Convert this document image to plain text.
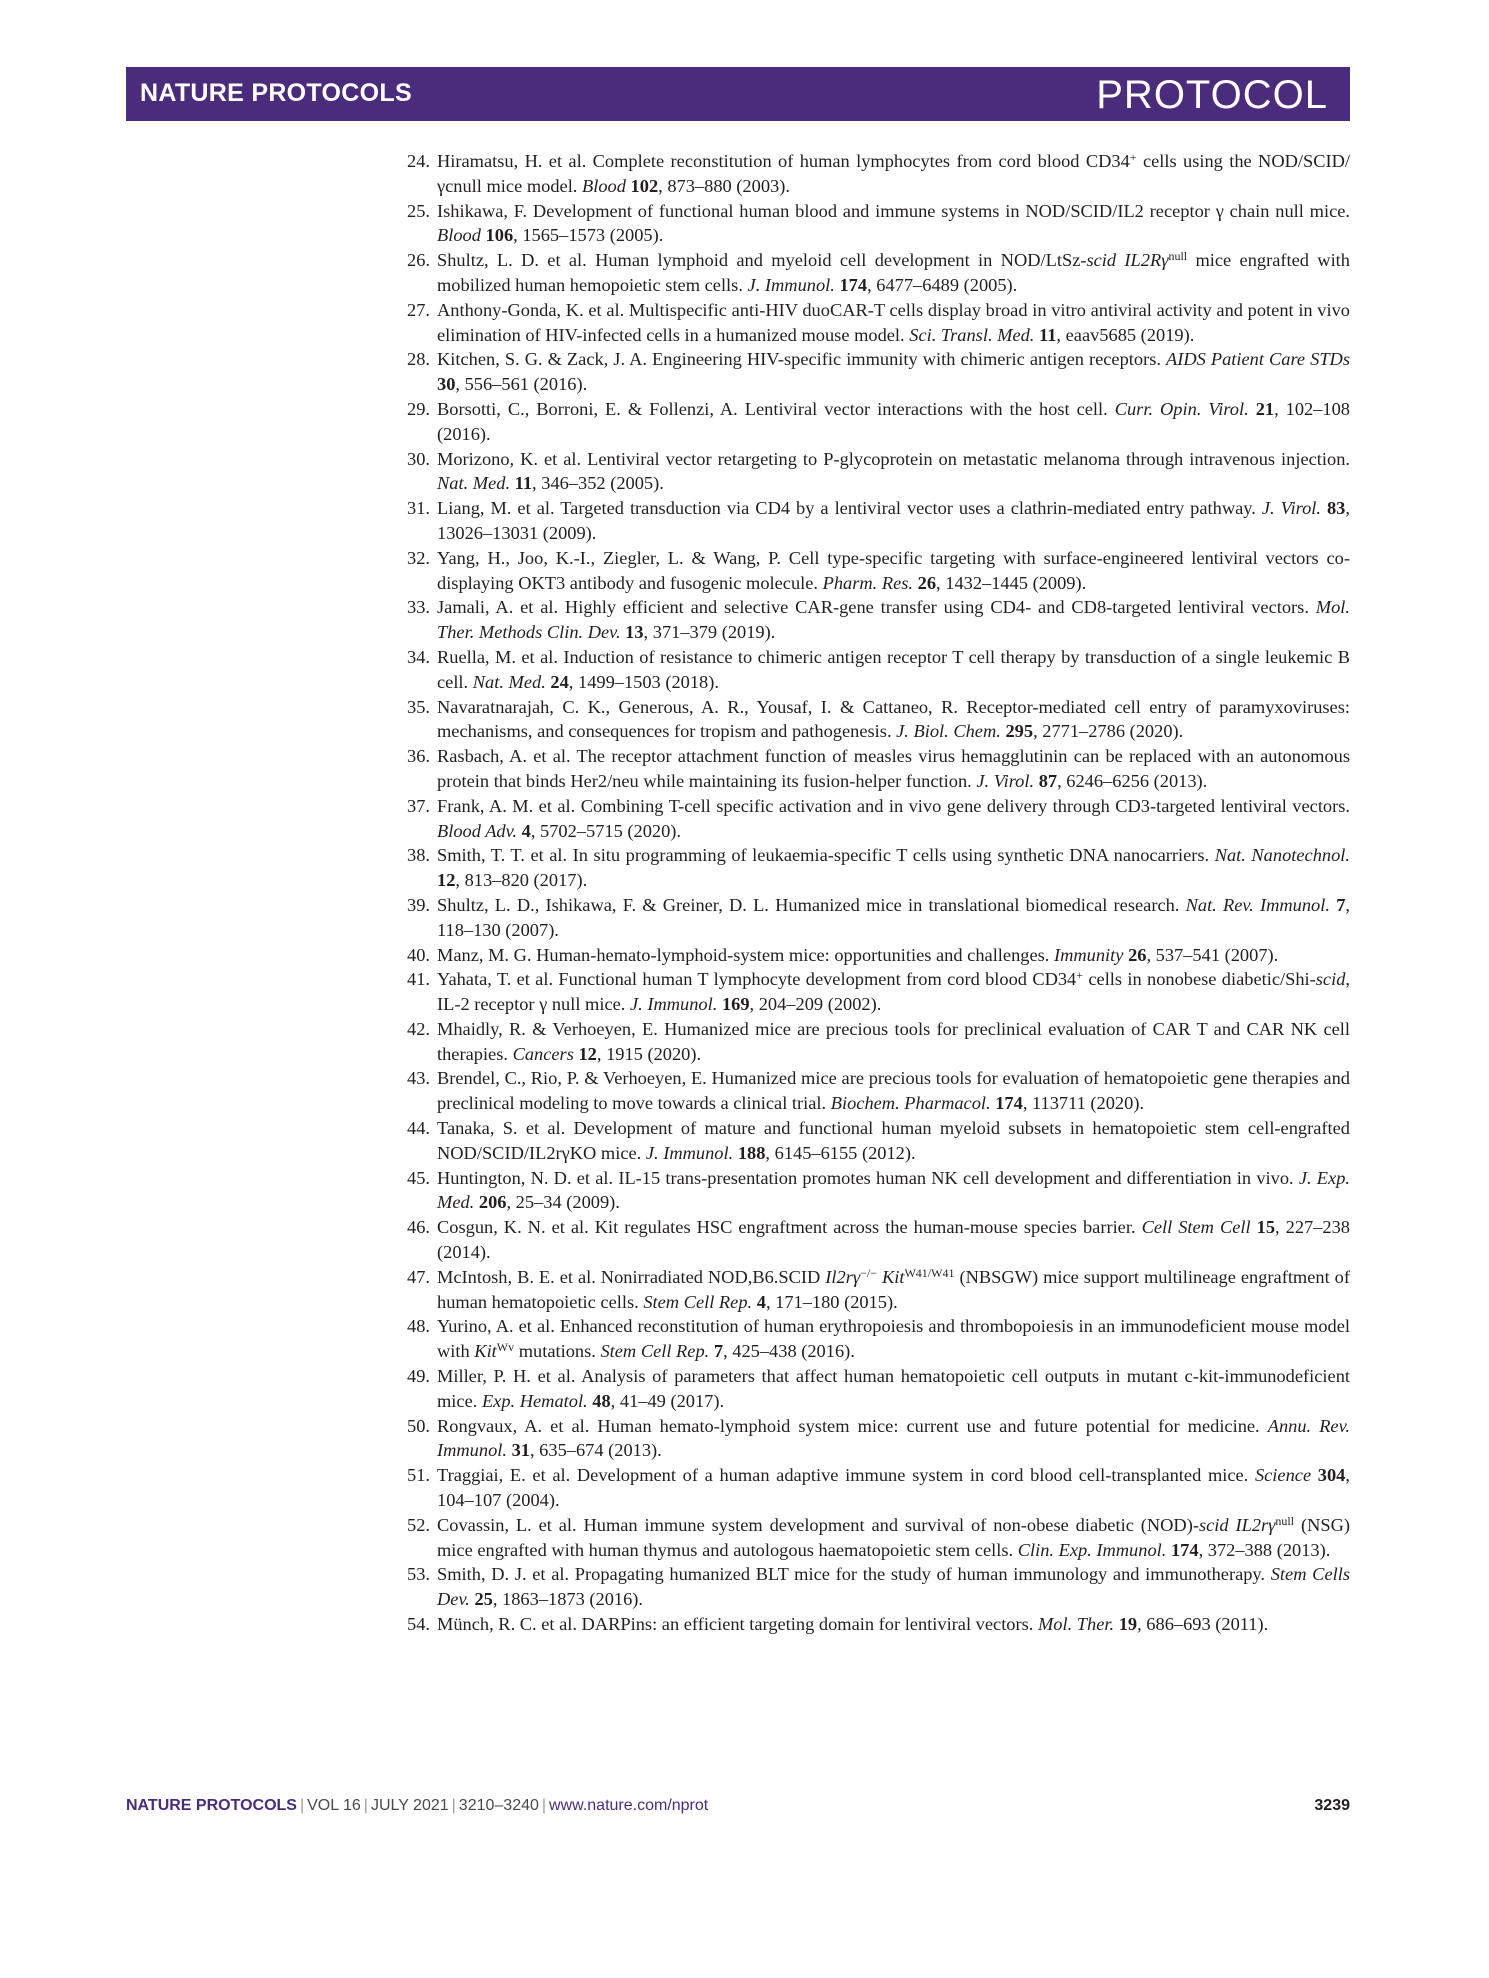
NATURE PROTOCOLS	PROTOCOL
24. Hiramatsu, H. et al. Complete reconstitution of human lymphocytes from cord blood CD34+ cells using the NOD/SCID/γcnull mice model. Blood 102, 873–880 (2003).
25. Ishikawa, F. Development of functional human blood and immune systems in NOD/SCID/IL2 receptor γ chain null mice. Blood 106, 1565–1573 (2005).
26. Shultz, L. D. et al. Human lymphoid and myeloid cell development in NOD/LtSz-scid $IL2R\gamma^{null}$ mice engrafted with mobilized human hemopoietic stem cells. J. Immunol. 174, 6477–6489 (2005).
27. Anthony-Gonda, K. et al. Multispecific anti-HIV duoCAR-T cells display broad in vitro antiviral activity and potent in vivo elimination of HIV-infected cells in a humanized mouse model. Sci. Transl. Med. 11, eaav5685 (2019).
28. Kitchen, S. G. & Zack, J. A. Engineering HIV-specific immunity with chimeric antigen receptors. AIDS Patient Care STDs 30, 556–561 (2016).
29. Borsotti, C., Borroni, E. & Follenzi, A. Lentiviral vector interactions with the host cell. Curr. Opin. Virol. 21, 102–108 (2016).
30. Morizono, K. et al. Lentiviral vector retargeting to P-glycoprotein on metastatic melanoma through intravenous injection. Nat. Med. 11, 346–352 (2005).
31. Liang, M. et al. Targeted transduction via CD4 by a lentiviral vector uses a clathrin-mediated entry pathway. J. Virol. 83, 13026–13031 (2009).
32. Yang, H., Joo, K.-I., Ziegler, L. & Wang, P. Cell type-specific targeting with surface-engineered lentiviral vectors co-displaying OKT3 antibody and fusogenic molecule. Pharm. Res. 26, 1432–1445 (2009).
33. Jamali, A. et al. Highly efficient and selective CAR-gene transfer using CD4- and CD8-targeted lentiviral vectors. Mol. Ther. Methods Clin. Dev. 13, 371–379 (2019).
34. Ruella, M. et al. Induction of resistance to chimeric antigen receptor T cell therapy by transduction of a single leukemic B cell. Nat. Med. 24, 1499–1503 (2018).
35. Navaratnarajah, C. K., Generous, A. R., Yousaf, I. & Cattaneo, R. Receptor-mediated cell entry of paramyxoviruses: mechanisms, and consequences for tropism and pathogenesis. J. Biol. Chem. 295, 2771–2786 (2020).
36. Rasbach, A. et al. The receptor attachment function of measles virus hemagglutinin can be replaced with an autonomous protein that binds Her2/neu while maintaining its fusion-helper function. J. Virol. 87, 6246–6256 (2013).
37. Frank, A. M. et al. Combining T-cell specific activation and in vivo gene delivery through CD3-targeted lentiviral vectors. Blood Adv. 4, 5702–5715 (2020).
38. Smith, T. T. et al. In situ programming of leukaemia-specific T cells using synthetic DNA nanocarriers. Nat. Nanotechnol. 12, 813–820 (2017).
39. Shultz, L. D., Ishikawa, F. & Greiner, D. L. Humanized mice in translational biomedical research. Nat. Rev. Immunol. 7, 118–130 (2007).
40. Manz, M. G. Human-hemato-lymphoid-system mice: opportunities and challenges. Immunity 26, 537–541 (2007).
41. Yahata, T. et al. Functional human T lymphocyte development from cord blood CD34+ cells in nonobese diabetic/Shi-scid, IL-2 receptor γ null mice. J. Immunol. 169, 204–209 (2002).
42. Mhaidly, R. & Verhoeyen, E. Humanized mice are precious tools for preclinical evaluation of CAR T and CAR NK cell therapies. Cancers 12, 1915 (2020).
43. Brendel, C., Rio, P. & Verhoeyen, E. Humanized mice are precious tools for evaluation of hematopoietic gene therapies and preclinical modeling to move towards a clinical trial. Biochem. Pharmacol. 174, 113711 (2020).
44. Tanaka, S. et al. Development of mature and functional human myeloid subsets in hematopoietic stem cell-engrafted NOD/SCID/IL2rγKO mice. J. Immunol. 188, 6145–6155 (2012).
45. Huntington, N. D. et al. IL-15 trans-presentation promotes human NK cell development and differentiation in vivo. J. Exp. Med. 206, 25–34 (2009).
46. Cosgun, K. N. et al. Kit regulates HSC engraftment across the human-mouse species barrier. Cell Stem Cell 15, 227–238 (2014).
47. McIntosh, B. E. et al. Nonirradiated NOD,B6.SCID Il2rγ−/− Kit$^{W41/W41}$ (NBSGW) mice support multilineage engraftment of human hematopoietic cells. Stem Cell Rep. 4, 171–180 (2015).
48. Yurino, A. et al. Enhanced reconstitution of human erythropoiesis and thrombopoiesis in an immunodeficient mouse model with Kit$^{Wv}$ mutations. Stem Cell Rep. 7, 425–438 (2016).
49. Miller, P. H. et al. Analysis of parameters that affect human hematopoietic cell outputs in mutant c-kit-immunodeficient mice. Exp. Hematol. 48, 41–49 (2017).
50. Rongvaux, A. et al. Human hemato-lymphoid system mice: current use and future potential for medicine. Annu. Rev. Immunol. 31, 635–674 (2013).
51. Traggiai, E. et al. Development of a human adaptive immune system in cord blood cell-transplanted mice. Science 304, 104–107 (2004).
52. Covassin, L. et al. Human immune system development and survival of non-obese diabetic (NOD)-scid $IL2r\gamma^{null}$ (NSG) mice engrafted with human thymus and autologous haematopoietic stem cells. Clin. Exp. Immunol. 174, 372–388 (2013).
53. Smith, D. J. et al. Propagating humanized BLT mice for the study of human immunology and immunotherapy. Stem Cells Dev. 25, 1863–1873 (2016).
54. Münch, R. C. et al. DARPins: an efficient targeting domain for lentiviral vectors. Mol. Ther. 19, 686–693 (2011).
NATURE PROTOCOLS | VOL 16 | JULY 2021 | 3210–3240 | www.nature.com/nprot	3239
